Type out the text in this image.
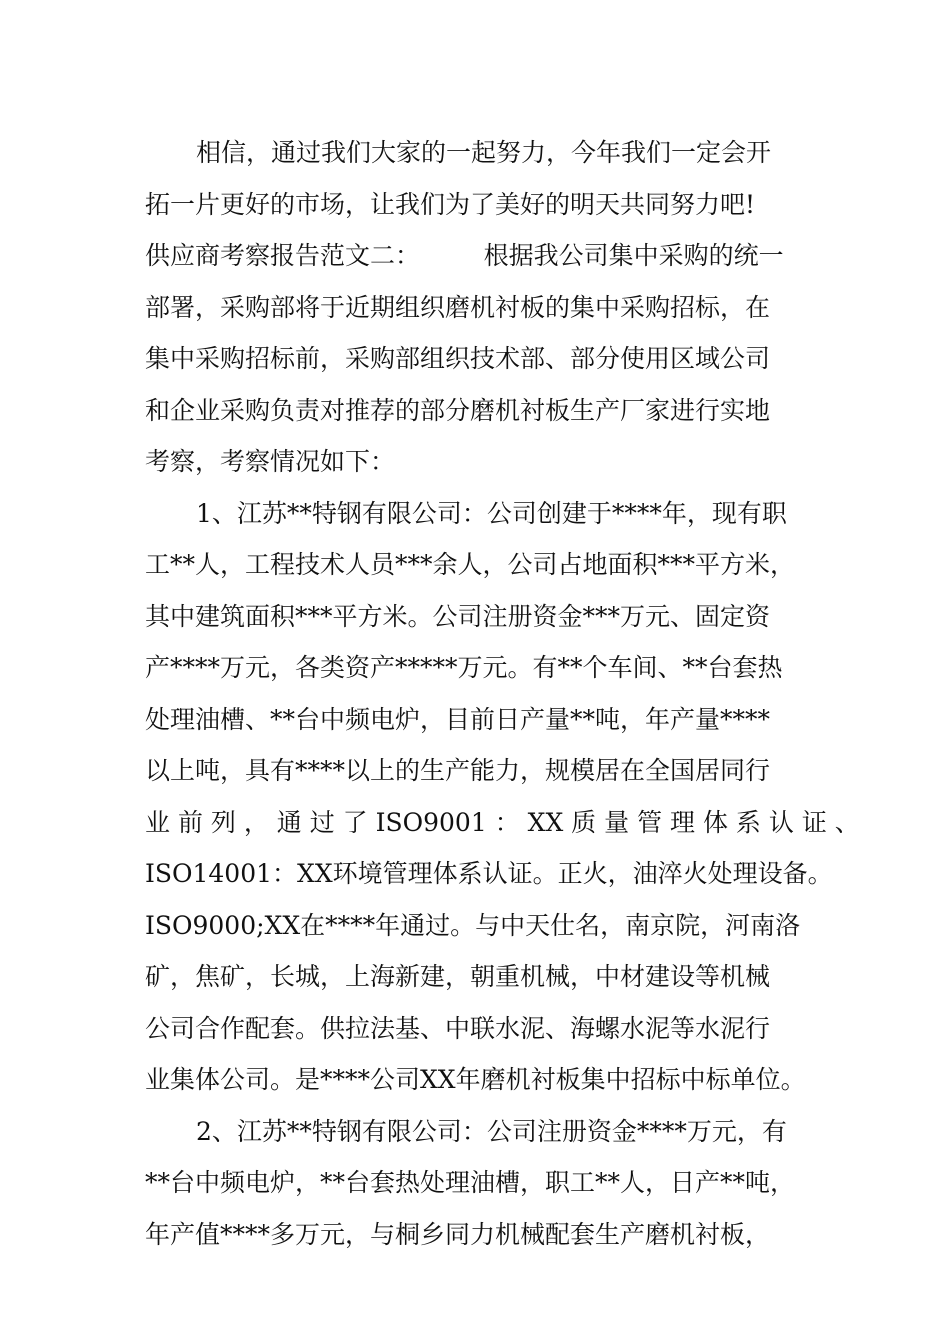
相信，通过我们大家的一起努力，今年我们一定会开
拓一片更好的市场，让我们为了美好的明天共同努力吧!
供应商考察报告范文二：        根据我公司集中采购的统一
部署，采购部将于近期组织磨机衬板的集中采购招标，在
集中采购招标前，采购部组织技术部、部分使用区域公司
和企业采购负责对推荐的部分磨机衬板生产厂家进行实地
考察，考察情况如下：
1、江苏**特钢有限公司：公司创建于****年，现有职
工**人，工程技术人员***余人，公司占地面积***平方米，
其中建筑面积***平方米。公司注册资金***万元、固定资
产****万元，各类资产*****万元。有**个车间、**台套热
处理油槽、**台中频电炉，目前日产量**吨，年产量****
以上吨，具有****以上的生产能力，规模居在全国居同行
业 前 列 ， 通 过 了 ISO9001 ： XX 质 量 管 理 体 系 认 证 、
ISO14001：XX环境管理体系认证。正火，油淬火处理设备。
ISO9000;XX在****年通过。与中天仕名，南京院，河南洛
矿，焦矿，长城，上海新建，朝重机械，中材建设等机械
公司合作配套。供拉法基、中联水泥、海螺水泥等水泥行
业集体公司。是****公司XX年磨机衬板集中招标中标单位。
2、江苏**特钢有限公司：公司注册资金****万元，有
**台中频电炉，**台套热处理油槽，职工**人，日产**吨，
年产值****多万元，与桐乡同力机械配套生产磨机衬板，
